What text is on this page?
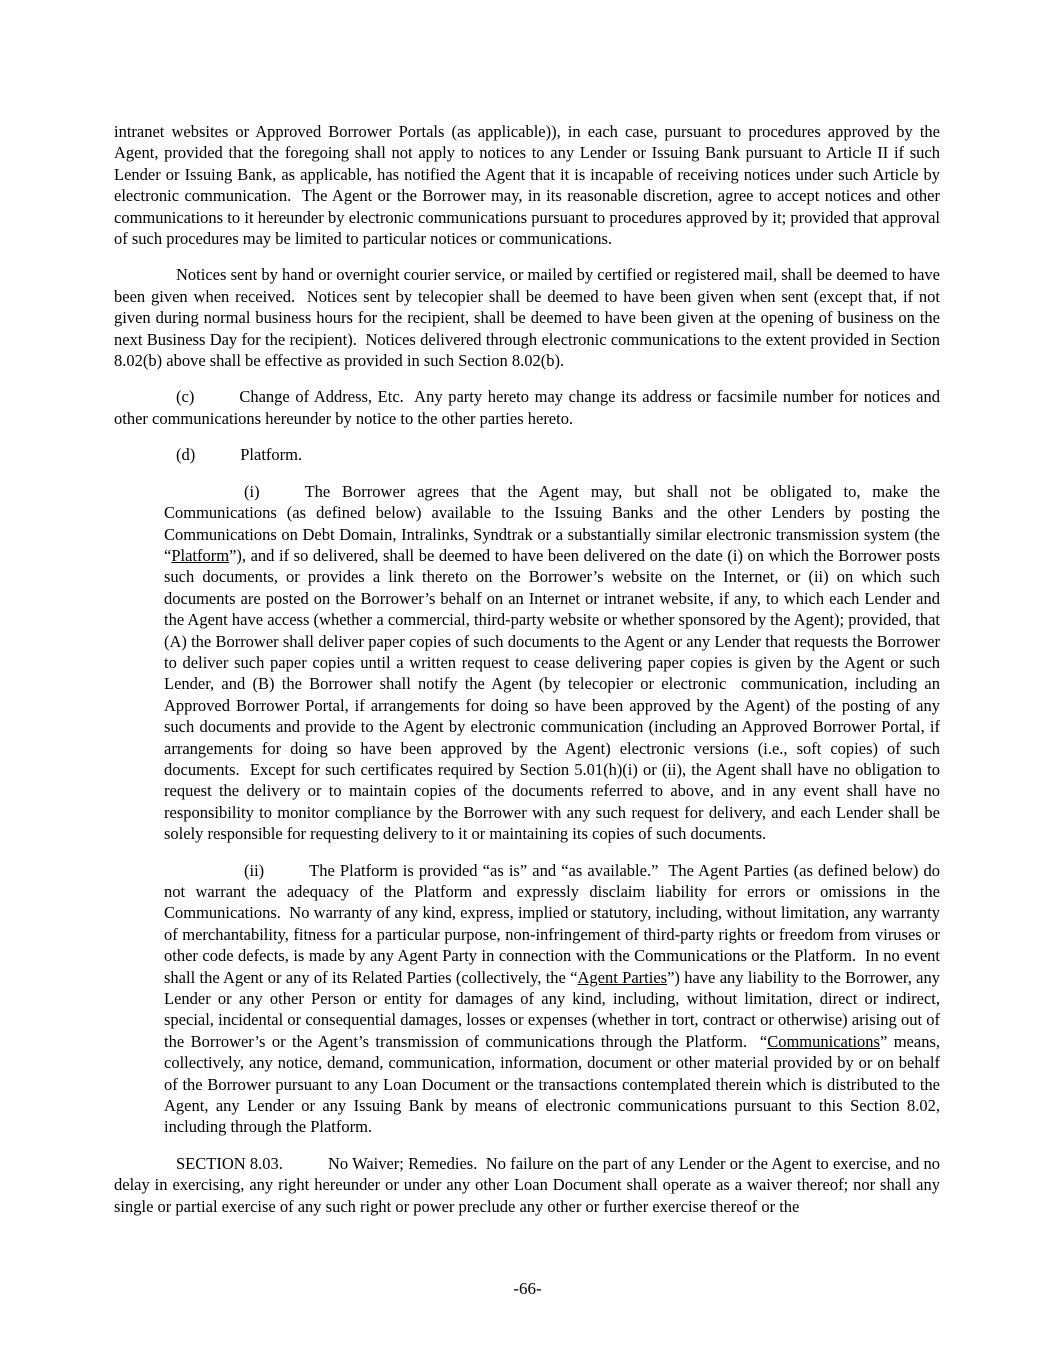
intranet websites or Approved Borrower Portals (as applicable)), in each case, pursuant to procedures approved by the Agent, provided that the foregoing shall not apply to notices to any Lender or Issuing Bank pursuant to Article II if such Lender or Issuing Bank, as applicable, has notified the Agent that it is incapable of receiving notices under such Article by electronic communication.  The Agent or the Borrower may, in its reasonable discretion, agree to accept notices and other communications to it hereunder by electronic communications pursuant to procedures approved by it; provided that approval of such procedures may be limited to particular notices or communications.

Notices sent by hand or overnight courier service, or mailed by certified or registered mail, shall be deemed to have been given when received.  Notices sent by telecopier shall be deemed to have been given when sent (except that, if not given during normal business hours for the recipient, shall be deemed to have been given at the opening of business on the next Business Day for the recipient).  Notices delivered through electronic communications to the extent provided in Section 8.02(b) above shall be effective as provided in such Section 8.02(b).

(c)	Change of Address, Etc.  Any party hereto may change its address or facsimile number for notices and other communications hereunder by notice to the other parties hereto.

(d)	Platform.

(i)	The Borrower agrees that the Agent may, but shall not be obligated to, make the Communications (as defined below) available to the Issuing Banks and the other Lenders by posting the Communications on Debt Domain, Intralinks, Syndtrak or a substantially similar electronic transmission system (the “Platform”), and if so delivered, shall be deemed to have been delivered on the date (i) on which the Borrower posts such documents, or provides a link thereto on the Borrower’s website on the Internet, or (ii) on which such documents are posted on the Borrower’s behalf on an Internet or intranet website, if any, to which each Lender and the Agent have access (whether a commercial, third-party website or whether sponsored by the Agent); provided, that (A) the Borrower shall deliver paper copies of such documents to the Agent or any Lender that requests the Borrower to deliver such paper copies until a written request to cease delivering paper copies is given by the Agent or such Lender, and (B) the Borrower shall notify the Agent (by telecopier or electronic  communication, including an Approved Borrower Portal, if arrangements for doing so have been approved by the Agent) of the posting of any such documents and provide to the Agent by electronic communication (including an Approved Borrower Portal, if arrangements for doing so have been approved by the Agent) electronic versions (i.e., soft copies) of such documents.  Except for such certificates required by Section 5.01(h)(i) or (ii), the Agent shall have no obligation to request the delivery or to maintain copies of the documents referred to above, and in any event shall have no responsibility to monitor compliance by the Borrower with any such request for delivery, and each Lender shall be solely responsible for requesting delivery to it or maintaining its copies of such documents.

(ii)	The Platform is provided “as is” and “as available.”  The Agent Parties (as defined below) do not warrant the adequacy of the Platform and expressly disclaim liability for errors or omissions in the Communications.  No warranty of any kind, express, implied or statutory, including, without limitation, any warranty of merchantability, fitness for a particular purpose, non-infringement of third-party rights or freedom from viruses or other code defects, is made by any Agent Party in connection with the Communications or the Platform.  In no event shall the Agent or any of its Related Parties (collectively, the “Agent Parties”) have any liability to the Borrower, any Lender or any other Person or entity for damages of any kind, including, without limitation, direct or indirect, special, incidental or consequential damages, losses or expenses (whether in tort, contract or otherwise) arising out of the Borrower’s or the Agent’s transmission of communications through the Platform.  “Communications” means, collectively, any notice, demand, communication, information, document or other material provided by or on behalf of the Borrower pursuant to any Loan Document or the transactions contemplated therein which is distributed to the Agent, any Lender or any Issuing Bank by means of electronic communications pursuant to this Section 8.02, including through the Platform.

SECTION 8.03.	No Waiver; Remedies.  No failure on the part of any Lender or the Agent to exercise, and no delay in exercising, any right hereunder or under any other Loan Document shall operate as a waiver thereof; nor shall any single or partial exercise of any such right or power preclude any other or further exercise thereof or the

-66-
